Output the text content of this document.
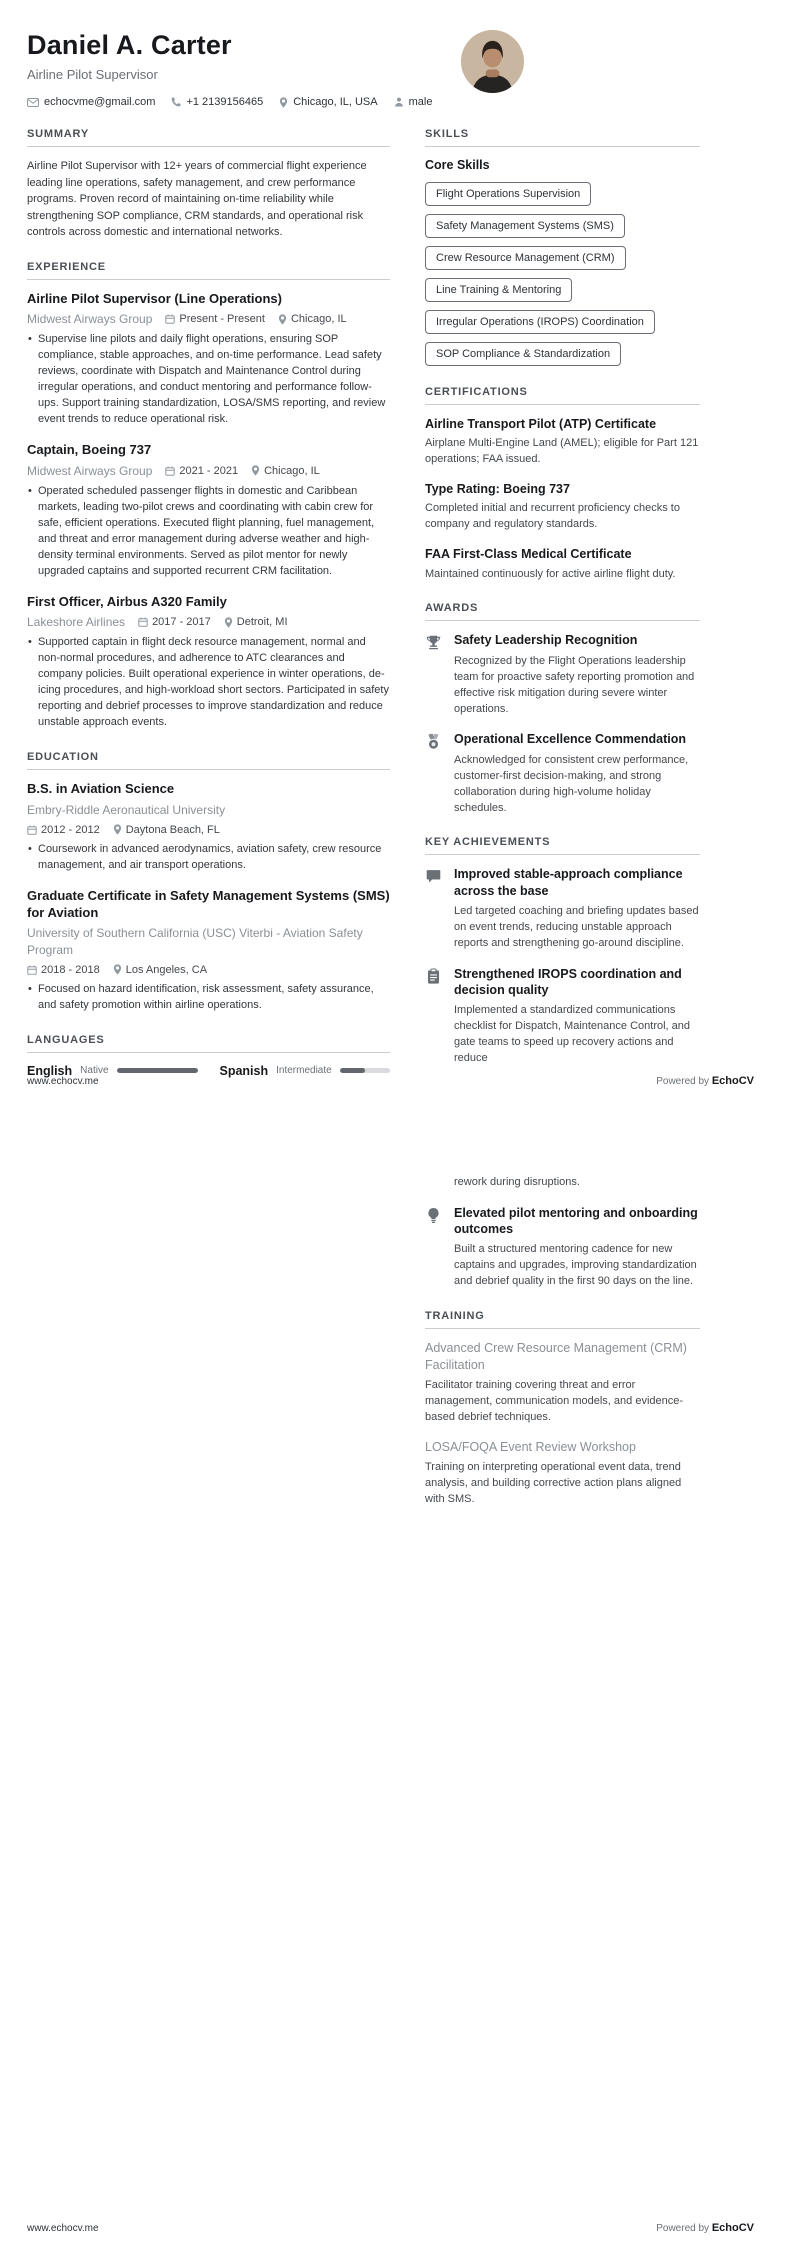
Daniel A. Carter
Airline Pilot Supervisor
echocvme@gmail.com	+1 2139156465	Chicago, IL, USA	male
SUMMARY

Airline Pilot Supervisor with 12+ years of commercial flight experience leading line operations, safety management, and crew performance programs. Proven record of maintaining on-time reliability while strengthening SOP compliance, CRM standards, and operational risk controls across domestic and international networks.

EXPERIENCE
Airline Pilot Supervisor (Line Operations)
Midwest Airways Group Present - Present Chicago, IL

• Supervise line pilots and daily flight operations, ensuring SOP compliance, stable approaches, and on-time performance. Lead safety reviews, coordinate with Dispatch and Maintenance Control during irregular operations, and conduct mentoring and performance follow-ups. Support training standardization, LOSA/SMS reporting, and review event trends to reduce operational risk.

Captain, Boeing 737
Midwest Airways Group 2021 - 2021 Chicago, IL

• Operated scheduled passenger flights in domestic and Caribbean markets, leading two-pilot crews and coordinating with cabin crew for safe, efficient operations. Executed flight planning, fuel management, and threat and error management during adverse weather and high-density terminal environments. Served as pilot mentor for newly upgraded captains and supported recurrent CRM facilitation.

First Officer, Airbus A320 Family
Lakeshore Airlines 2017 - 2017 Detroit, MI

• Supported captain in flight deck resource management, normal and non-normal procedures, and adherence to ATC clearances and company policies. Built operational experience in winter operations, de-icing procedures, and high-workload short sectors. Participated in safety reporting and debrief processes to improve standardization and reduce unstable approach events.

EDUCATION
B.S. in Aviation Science
Embry-Riddle Aeronautical University
2012 - 2012 Daytona Beach, FL

• Coursework in advanced aerodynamics, aviation safety, crew resource management, and air transport operations.

Graduate Certificate in Safety Management Systems (SMS) for Aviation
University of Southern California (USC) Viterbi - Aviation Safety Program
2018 - 2018 Los Angeles, CA

• Focused on hazard identification, risk assessment, safety assurance, and safety promotion within airline operations.

LANGUAGES
English Native	Spanish Intermediate
SKILLS
Core Skills
Flight Operations Supervision
Safety Management Systems (SMS)
Crew Resource Management (CRM)
Line Training & Mentoring
Irregular Operations (IROPS) Coordination
SOP Compliance & Standardization
CERTIFICATIONS
Airline Transport Pilot (ATP) Certificate
Airplane Multi-Engine Land (AMEL); eligible for Part 121 operations; FAA issued.
Type Rating: Boeing 737
Completed initial and recurrent proficiency checks to company and regulatory standards.
FAA First-Class Medical Certificate
Maintained continuously for active airline flight duty.
AWARDS
Safety Leadership Recognition
Recognized by the Flight Operations leadership team for proactive safety reporting promotion and effective risk mitigation during severe winter operations.
Operational Excellence Commendation
Acknowledged for consistent crew performance, customer-first decision-making, and strong collaboration during high-volume holiday schedules.
KEY ACHIEVEMENTS
Improved stable-approach compliance across the base
Led targeted coaching and briefing updates based on event trends, reducing unstable approach reports and strengthening go-around discipline.
Strengthened IROPS coordination and decision quality
Implemented a standardized communications checklist for Dispatch, Maintenance Control, and gate teams to speed up recovery actions and reduce
www.echocv.me	Powered by EchoCV

rework during disruptions.

Elevated pilot mentoring and onboarding outcomes
Built a structured mentoring cadence for new captains and upgrades, improving standardization and debrief quality in the first 90 days on the line.
TRAINING
Advanced Crew Resource Management (CRM) Facilitation
Facilitator training covering threat and error management, communication models, and evidence-based debrief techniques.
LOSA/FOQA Event Review Workshop
Training on interpreting operational event data, trend analysis, and building corrective action plans aligned with SMS.
www.echocv.me	Powered by EchoCV
